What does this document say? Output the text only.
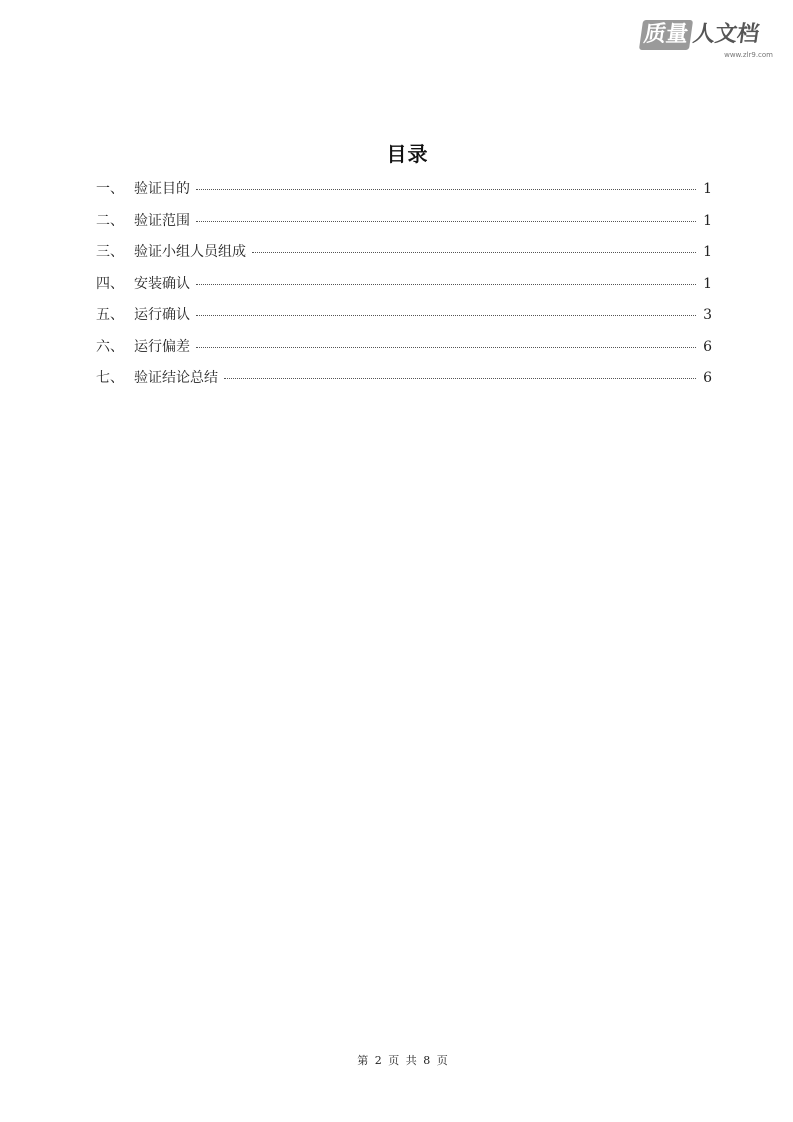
质量 人文档
www.zlr9.com
目录
一、 验证目的	1
二、 验证范围	1
三、 验证小组人员组成	1
四、 安装确认	1
五、 运行确认	3
六、 运行偏差	6
七、 验证结论总结	6
第 2 页 共 8 页
